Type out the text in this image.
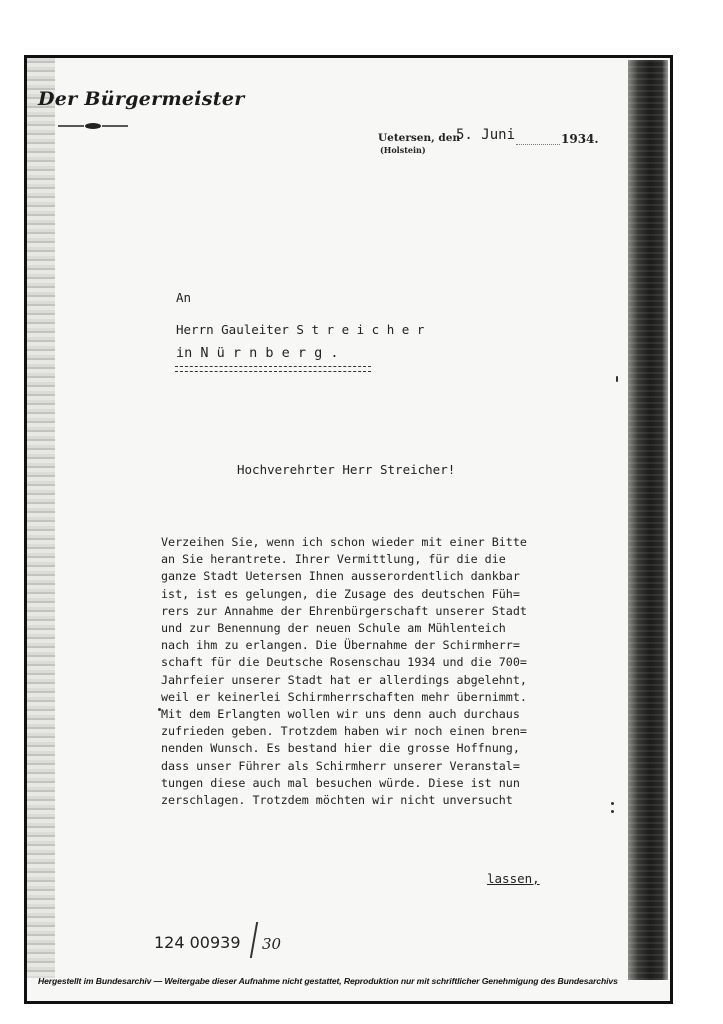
Der Bürgermeister
Uetersen, den
(Holstein)
5. Juni	1934.
An
Herrn Gauleiter S t r e i c h e r
in N ü r n b e r g .
Hochverehrter Herr Streicher!
Verzeihen Sie, wenn ich schon wieder mit einer Bitte
an Sie herantrete. Ihrer Vermittlung, für die die
ganze Stadt Uetersen Ihnen ausserordentlich dankbar
ist, ist es gelungen, die Zusage des deutschen Füh=
rers zur Annahme der Ehrenbürgerschaft unserer Stadt
und zur Benennung der neuen Schule am Mühlenteich
nach ihm zu erlangen. Die Übernahme der Schirmherr=
schaft für die Deutsche Rosenschau 1934 und die 700=
Jahrfeier unserer Stadt hat er allerdings abgelehnt,
weil er keinerlei Schirmherrschaften mehr übernimmt.
Mit dem Erlangten wollen wir uns denn auch durchaus
zufrieden geben. Trotzdem haben wir noch einen bren=
nenden Wunsch. Es bestand hier die grosse Hoffnung,
dass unser Führer als Schirmherr unserer Veranstal=
tungen diese auch mal besuchen würde. Diese ist nun
zerschlagen. Trotzdem möchten wir nicht unversucht
lassen,
124 00939 30

Hergestellt im Bundesarchiv — Weitergabe dieser Aufnahme nicht gestattet, Reproduktion nur mit schriftlicher Genehmigung des Bundesarchivs
